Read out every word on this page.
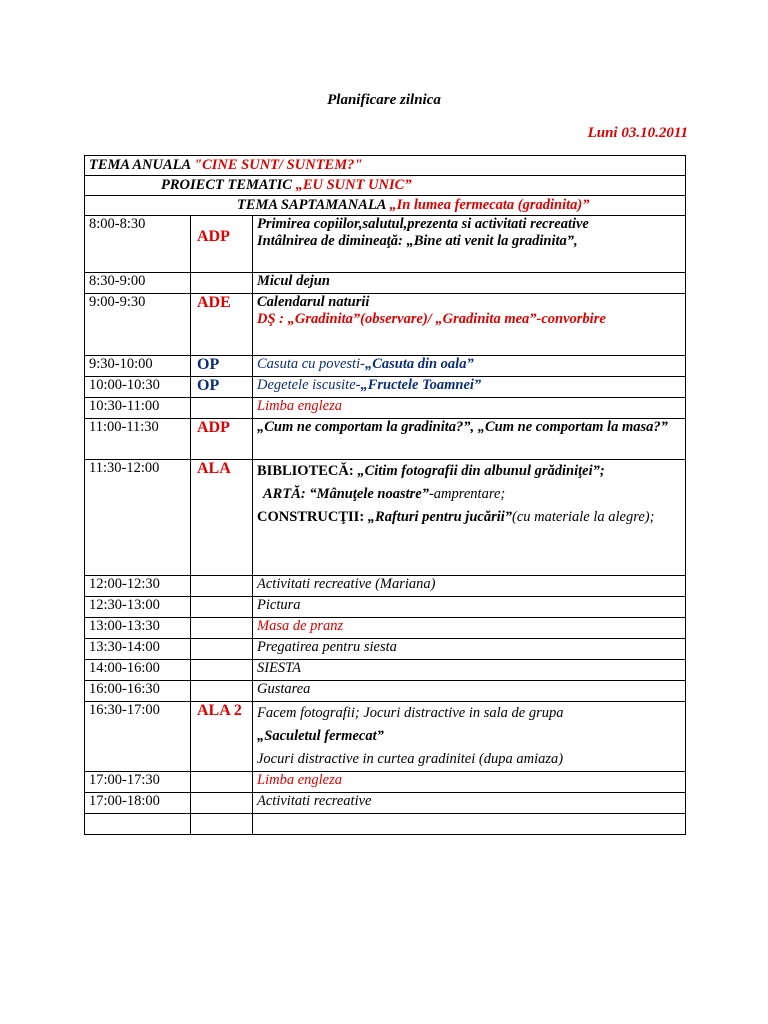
Planificare zilnica
Luni 03.10.2011
TEMA ANUALA "CINE SUNT/ SUNTEM?"		
PROIECT TEMATIC „EU SUNT UNIC”		
TEMA SAPTAMANALA „In lumea fermecata (gradinita)”		
8:00-8:30	ADP	Primirea copiilor,salutul,prezenta si activitati recreative
Intâlnirea de dimineaţă: „Bine ati venit la gradinita”,

8:30-9:00		Micul dejun
9:00-9:30	ADE	Calendarul naturii
DŞ : „Gradinita”(observare)/ „Gradinita mea”-convorbire

9:30-10:00	OP	Casuta cu povesti-„Casuta din oala”
10:00-10:30	OP	Degetele iscusite-„Fructele Toamnei”
10:30-11:00		Limba engleza
11:00-11:30	ADP	„Cum ne comportam la gradinita?”, „Cum ne comportam la masa?”
11:30-12:00	ALA	BIBLIOTECĂ: „Citim fotografii din albunul grădiniţei”;
ARTĂ: “Mânuţele noastre”-amprentare;
CONSTRUCŢII: „Rafturi pentru jucării”(cu materiale la alegre);

12:00-12:30		Activitati recreative (Mariana)
12:30-13:00		Pictura
13:00-13:30		Masa de pranz
13:30-14:00		Pregatirea pentru siesta
14:00-16:00		SIESTA
16:00-16:30		Gustarea
16:30-17:00	ALA 2	Facem fotografii; Jocuri distractive in sala de grupa
„Saculetul fermecat”
Jocuri distractive in curtea gradinitei (dupa amiaza)

17:00-17:30		Limba engleza
17:00-18:00		Activitati recreative
